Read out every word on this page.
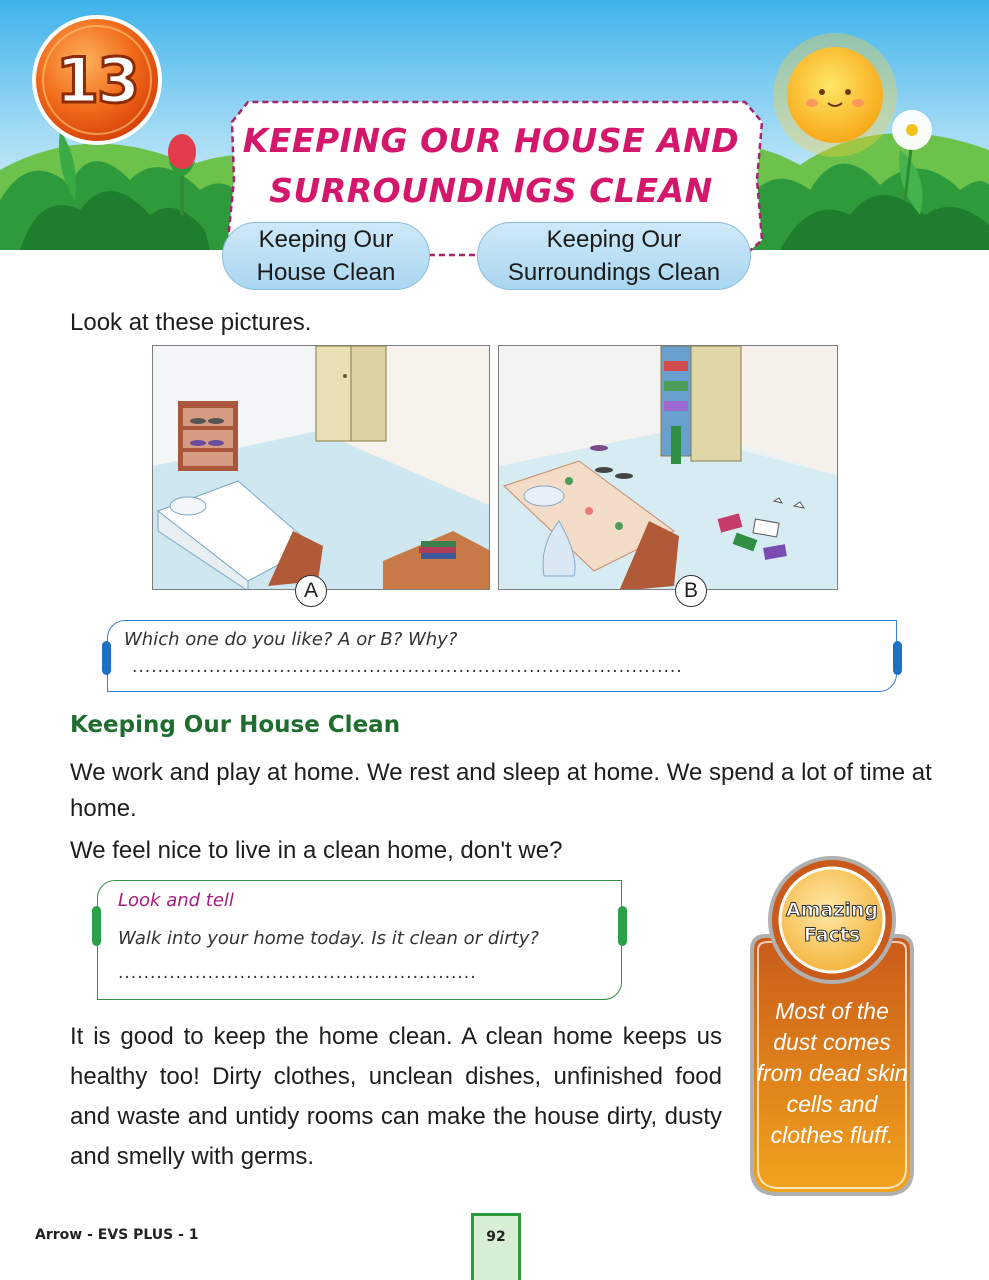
13
KEEPING OUR HOUSE AND
SURROUNDINGS CLEAN
Keeping Our
House Clean
Keeping Our
Surroundings Clean
Look at these pictures.
A	B
Which one do you like? A or B? Why?
......................................................................................
Keeping Our House Clean
We work and play at home. We rest and sleep at home. We spend a lot of time at home.
We feel nice to live in a clean home, don't we?
Look and tell
Walk into your home today. Is it clean or dirty?
........................................................
It is good to keep the home clean. A clean home keeps us healthy too! Dirty clothes, unclean dishes, unfinished food and waste and untidy rooms can make the house dirty, dusty and smelly with germs.
Amazing
Facts
Most of the dust comes from dead skin cells and clothes fluff.
Arrow - EVS PLUS - 1	92
